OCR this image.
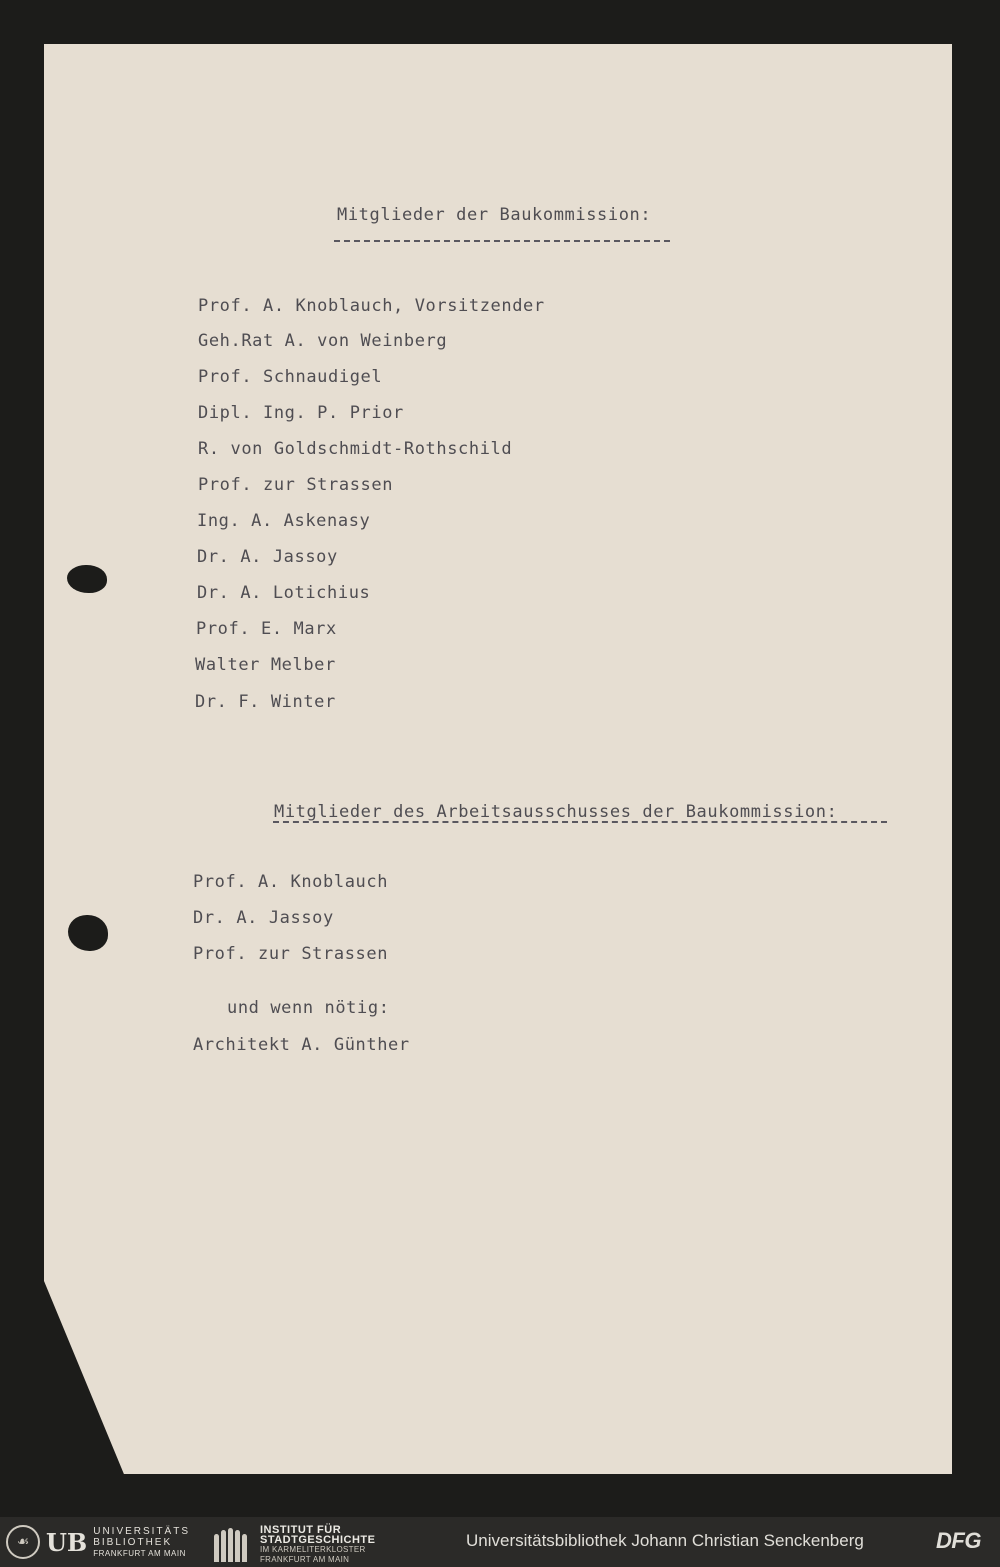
Mitglieder der Baukommission:
Prof. A. Knoblauch, Vorsitzender
Geh.Rat A. von Weinberg
Prof. Schnaudigel
Dipl. Ing. P. Prior
R. von Goldschmidt-Rothschild
Prof. zur Strassen
Ing. A. Askenasy
Dr. A. Jassoy
Dr. A. Lotichius
Prof. E. Marx
Walter Melber
Dr. F. Winter
Mitglieder des Arbeitsausschusses der Baukommission:
Prof. A. Knoblauch
Dr. A. Jassoy
Prof. zur Strassen
und wenn nötig:
Architekt A. Günther
☙ UB UNIVERSITÄTS
BIBLIOTHEK
FRANKFURT AM MAIN
INSTITUT FÜR
STADTGESCHICHTE
IM KARMELITERKLOSTER
FRANKFURT AM MAIN
Universitätsbibliothek Johann Christian Senckenberg	DFG
